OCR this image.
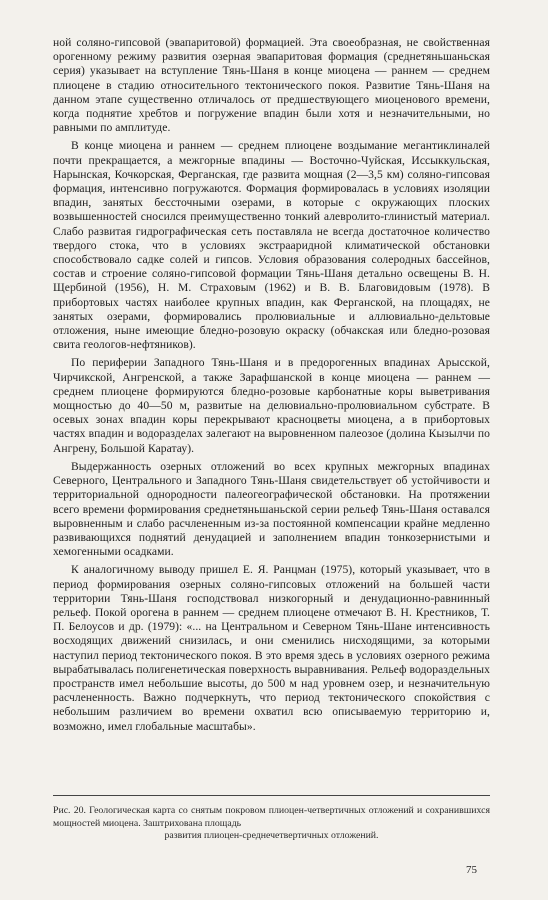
ной соляно-гипсовой (эвапаритовой) формацией. Эта своеобразная, не свойственная орогенному режиму развития озерная эвапаритовая формация (среднетяньшаньская серия) указывает на вступление Тянь-Шаня в конце миоцена — раннем — среднем плиоцене в стадию относительного тектонического покоя. Развитие Тянь-Шаня на данном этапе существенно отличалось от предшествующего миоценового времени, когда поднятие хребтов и погружение впадин были хотя и незначительными, но равными по амплитуде.

В конце миоцена и раннем — среднем плиоцене воздымание мегантиклиналей почти прекращается, а межгорные впадины — Восточно-Чуйская, Иссыккульская, Нарынская, Кочкорская, Ферганская, где развита мощная (2—3,5 км) соляно-гипсовая формация, интенсивно погружаются. Формация формировалась в условиях изоляции впадин, занятых бессточными озерами, в которые с окружающих плоских возвышенностей сносился преимущественно тонкий алевролито-глинистый материал. Слабо развитая гидрографическая сеть поставляла не всегда достаточное количество твердого стока, что в условиях экстрааридной климатической обстановки способствовало садке солей и гипсов. Условия образования солеродных бассейнов, состав и строение соляно-гипсовой формации Тянь-Шаня детально освещены В. Н. Щербиной (1956), Н. М. Страховым (1962) и В. В. Благовидовым (1978). В прибортовых частях наиболее крупных впадин, как Ферганской, на площадях, не занятых озерами, формировались пролювиальные и аллювиально-дельтовые отложения, ныне имеющие бледно-розовую окраску (обчакская или бледно-розовая свита геологов-нефтяников).

По периферии Западного Тянь-Шаня и в предорогенных впадинах Арысской, Чирчикской, Ангренской, а также Зарафшанской в конце миоцена — раннем — среднем плиоцене формируются бледно-розовые карбонатные коры выветривания мощностью до 40—50 м, развитые на делювиально-пролювиальном субстрате. В осевых зонах впадин коры перекрывают красноцветы миоцена, а в прибортовых частях впадин и водоразделах залегают на выровненном палеозое (долина Кызылчи по Ангрену, Большой Каратау).

Выдержанность озерных отложений во всех крупных межгорных впадинах Северного, Центрального и Западного Тянь-Шаня свидетельствует об устойчивости и территориальной однородности палеогеографической обстановки. На протяжении всего времени формирования среднетяньшаньской серии рельеф Тянь-Шаня оставался выровненным и слабо расчлененным из-за постоянной компенсации крайне медленно развивающихся поднятий денудацией и заполнением впадин тонкозернистыми и хемогенными осадками.

К аналогичному выводу пришел Е. Я. Ранцман (1975), который указывает, что в период формирования озерных соляно-гипсовых отложений на большей части территории Тянь-Шаня господствовал низкогорный и денудационно-равнинный рельеф. Покой орогена в раннем — среднем плиоцене отмечают В. Н. Крестников, Т. П. Белоусов и др. (1979): «... на Центральном и Северном Тянь-Шане интенсивность восходящих движений снизилась, и они сменились нисходящими, за которыми наступил период тектонического покоя. В это время здесь в условиях озерного режима вырабатывалась полигенетическая поверхность выравнивания. Рельеф водораздельных пространств имел небольшие высоты, до 500 м над уровнем озер, и незначительную расчлененность. Важно подчеркнуть, что период тектонического спокойствия с небольшим различием во времени охватил всю описываемую территорию и, возможно, имел глобальные масштабы».

Рис. 20. Геологическая карта со снятым покровом плиоцен-четвертичных отложений и сохранившихся мощностей миоцена. Заштрихована площадь
развития плиоцен-среднечетвертичных отложений.
75
